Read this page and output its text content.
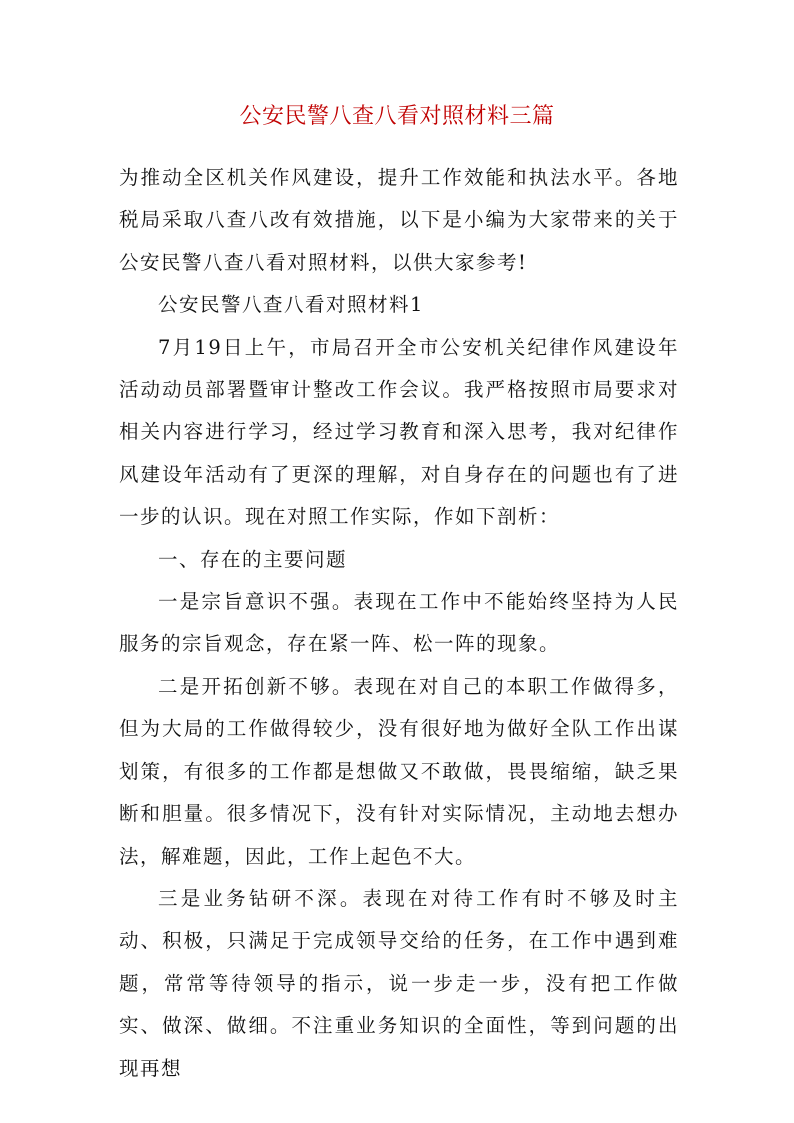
公安民警八查八看对照材料三篇

为推动全区机关作风建设，提升工作效能和执法水平。各地税局采取八查八改有效措施，以下是小编为大家带来的关于公安民警八查八看对照材料，以供大家参考!

公安民警八查八看对照材料1

7月19日上午，市局召开全市公安机关纪律作风建设年活动动员部署暨审计整改工作会议。我严格按照市局要求对相关内容进行学习，经过学习教育和深入思考，我对纪律作风建设年活动有了更深的理解，对自身存在的问题也有了进一步的认识。现在对照工作实际，作如下剖析：

一、存在的主要问题

一是宗旨意识不强。表现在工作中不能始终坚持为人民服务的宗旨观念，存在紧一阵、松一阵的现象。

二是开拓创新不够。表现在对自己的本职工作做得多，但为大局的工作做得较少，没有很好地为做好全队工作出谋划策，有很多的工作都是想做又不敢做，畏畏缩缩，缺乏果断和胆量。很多情况下，没有针对实际情况，主动地去想办法，解难题，因此，工作上起色不大。

三是业务钻研不深。表现在对待工作有时不够及时主动、积极，只满足于完成领导交给的任务，在工作中遇到难题，常常等待领导的指示，说一步走一步，没有把工作做实、做深、做细。不注重业务知识的全面性，等到问题的出现再想
